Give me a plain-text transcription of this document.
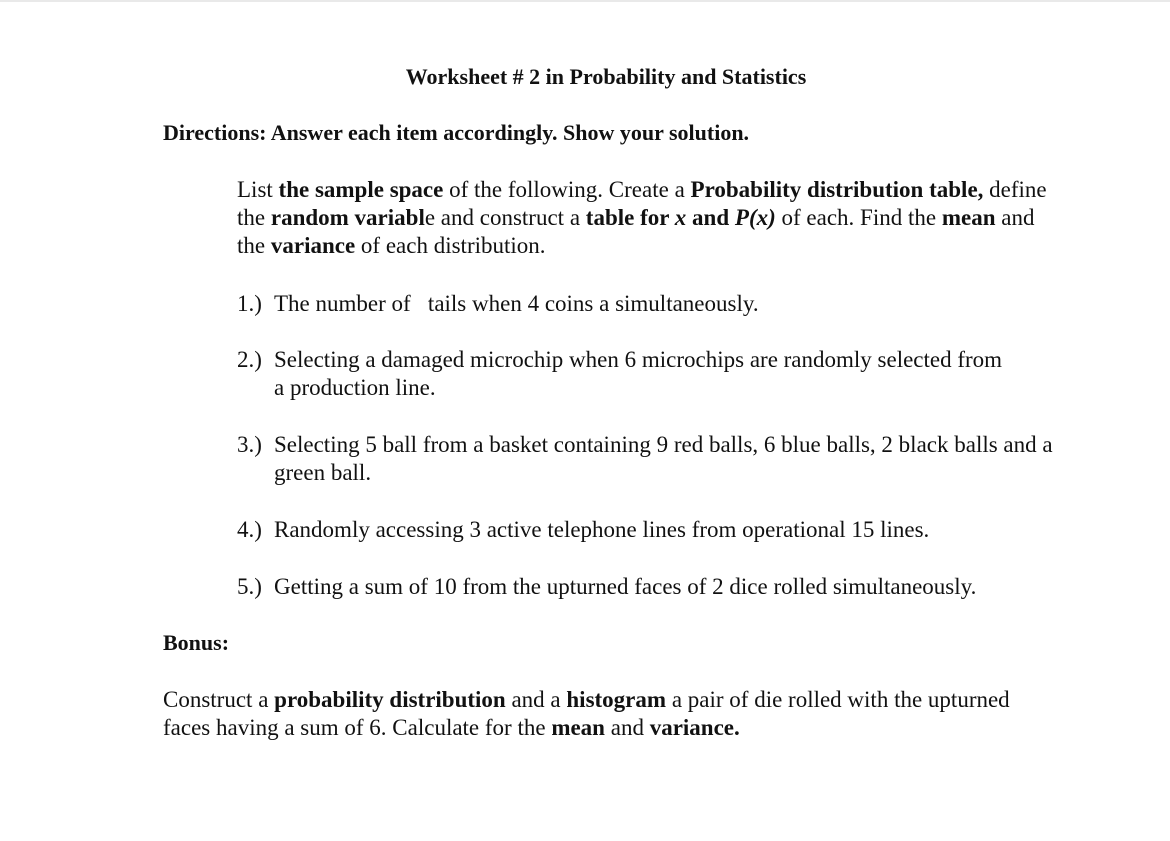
Worksheet # 2 in Probability and Statistics
Directions: Answer each item accordingly. Show your solution.
List the sample space of the following. Create a Probability distribution table, define the random variable and construct a table for x and P(x) of each. Find the mean and the variance of each distribution.
1.) The number of   tails when 4 coins a simultaneously.
2.) Selecting a damaged microchip when 6 microchips are randomly selected from a production line.
3.) Selecting 5 ball from a basket containing 9 red balls, 6 blue balls, 2 black balls and a green ball.
4.) Randomly accessing 3 active telephone lines from operational 15 lines.
5.) Getting a sum of 10 from the upturned faces of 2 dice rolled simultaneously.
Bonus:
Construct a probability distribution and a histogram a pair of die rolled with the upturned faces having a sum of 6. Calculate for the mean and variance.
